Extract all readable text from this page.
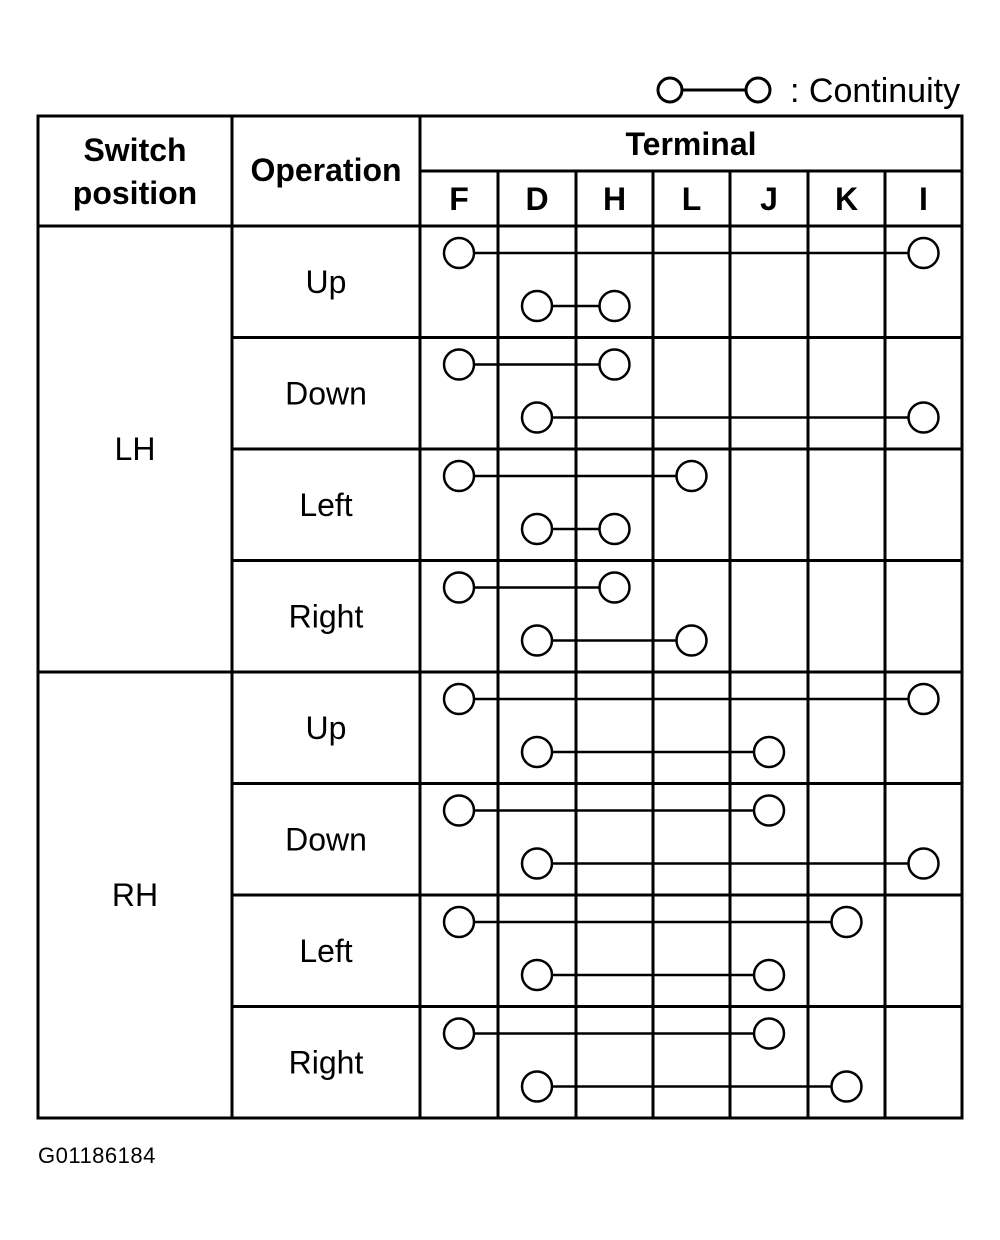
: Continuity
Switch
position
Operation
Terminal
F D H L J K I
LH
Up
Down
Left
Right
RH
Up
Down
Left
Right
G01186184
